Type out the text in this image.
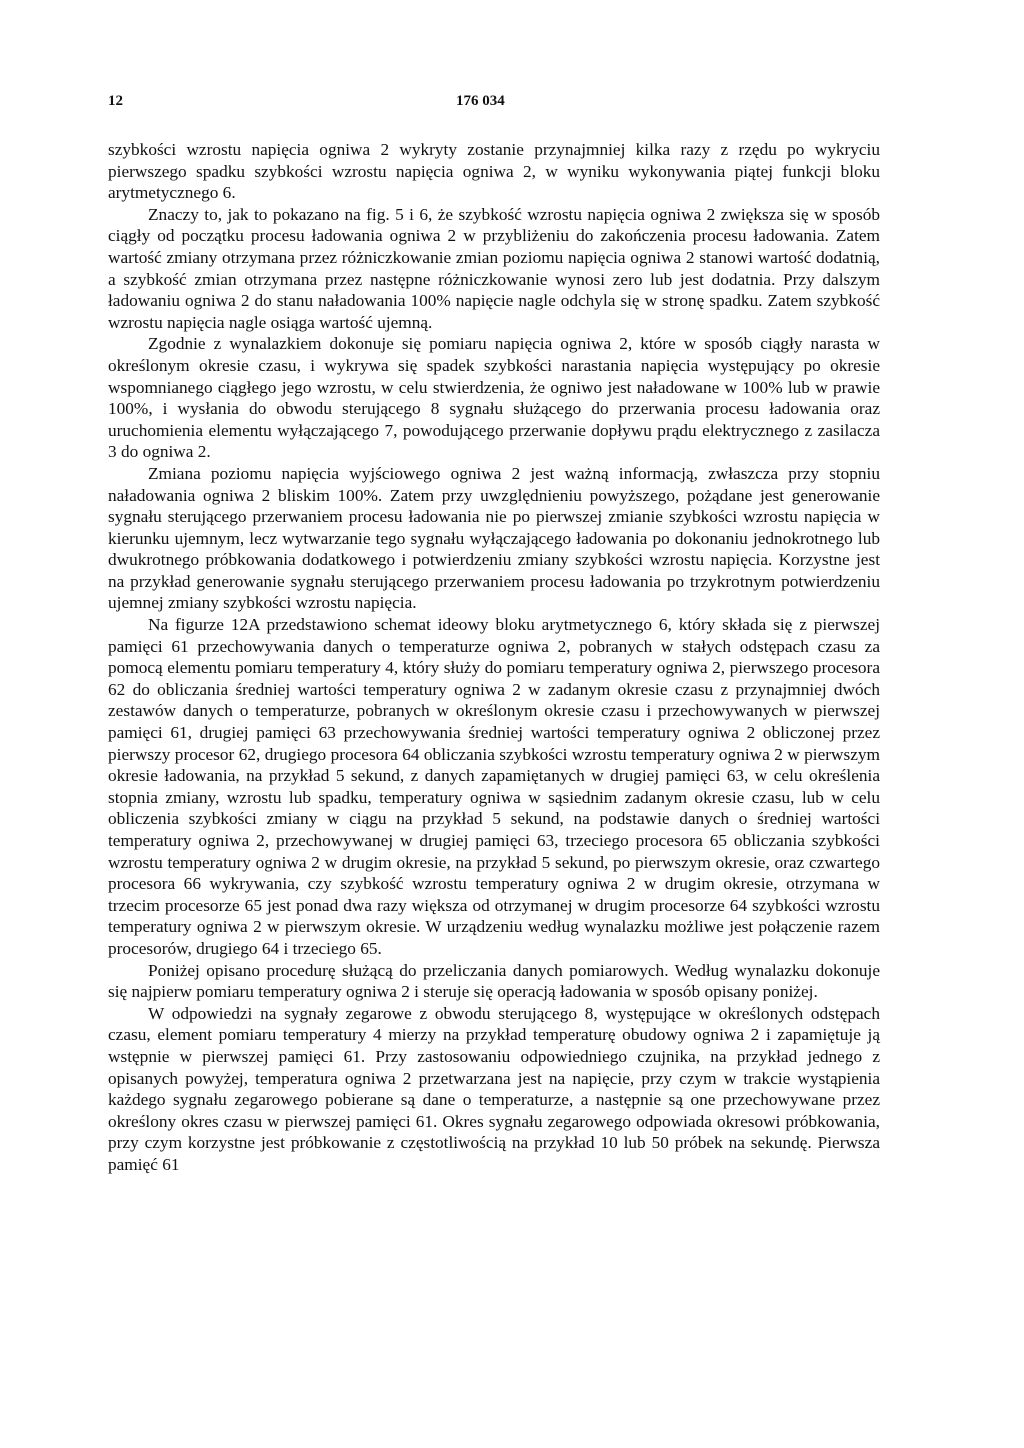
12	176 034

szybkości wzrostu napięcia ogniwa 2 wykryty zostanie przynajmniej kilka razy z rzędu po wykryciu pierwszego spadku szybkości wzrostu napięcia ogniwa 2, w wyniku wykonywania piątej funkcji bloku arytmetycznego 6.

Znaczy to, jak to pokazano na fig. 5 i 6, że szybkość wzrostu napięcia ogniwa 2 zwiększa się w sposób ciągły od początku procesu ładowania ogniwa 2 w przybliżeniu do zakończenia procesu ładowania. Zatem wartość zmiany otrzymana przez różniczkowanie zmian poziomu napięcia ogniwa 2 stanowi wartość dodatnią, a szybkość zmian otrzymana przez następne różniczkowanie wynosi zero lub jest dodatnia. Przy dalszym ładowaniu ogniwa 2 do stanu naładowania 100% napięcie nagle odchyla się w stronę spadku. Zatem szybkość wzrostu napięcia nagle osiąga wartość ujemną.

Zgodnie z wynalazkiem dokonuje się pomiaru napięcia ogniwa 2, które w sposób ciągły narasta w określonym okresie czasu, i wykrywa się spadek szybkości narastania napięcia występujący po okresie wspomnianego ciągłego jego wzrostu, w celu stwierdzenia, że ogniwo jest naładowane w 100% lub w prawie 100%, i wysłania do obwodu sterującego 8 sygnału służącego do przerwania procesu ładowania oraz uruchomienia elementu wyłączającego 7, powodującego przerwanie dopływu prądu elektrycznego z zasilacza 3 do ogniwa 2.

Zmiana poziomu napięcia wyjściowego ogniwa 2 jest ważną informacją, zwłaszcza przy stopniu naładowania ogniwa 2 bliskim 100%. Zatem przy uwzględnieniu powyższego, pożądane jest generowanie sygnału sterującego przerwaniem procesu ładowania nie po pierwszej zmianie szybkości wzrostu napięcia w kierunku ujemnym, lecz wytwarzanie tego sygnału wyłączającego ładowania po dokonaniu jednokrotnego lub dwukrotnego próbkowania dodatkowego i potwierdzeniu zmiany szybkości wzrostu napięcia. Korzystne jest na przykład generowanie sygnału sterującego przerwaniem procesu ładowania po trzykrotnym potwierdzeniu ujemnej zmiany szybkości wzrostu napięcia.

Na figurze 12A przedstawiono schemat ideowy bloku arytmetycznego 6, który składa się z pierwszej pamięci 61 przechowywania danych o temperaturze ogniwa 2, pobranych w stałych odstępach czasu za pomocą elementu pomiaru temperatury 4, który służy do pomiaru temperatury ogniwa 2, pierwszego procesora 62 do obliczania średniej wartości temperatury ogniwa 2 w zadanym okresie czasu z przynajmniej dwóch zestawów danych o temperaturze, pobranych w określonym okresie czasu i przechowywanych w pierwszej pamięci 61, drugiej pamięci 63 przechowywania średniej wartości temperatury ogniwa 2 obliczonej przez pierwszy procesor 62, drugiego procesora 64 obliczania szybkości wzrostu temperatury ogniwa 2 w pierwszym okresie ładowania, na przykład 5 sekund, z danych zapamiętanych w drugiej pamięci 63, w celu określenia stopnia zmiany, wzrostu lub spadku, temperatury ogniwa w sąsiednim zadanym okresie czasu, lub w celu obliczenia szybkości zmiany w ciągu na przykład 5 sekund, na podstawie danych o średniej wartości temperatury ogniwa 2, przechowywanej w drugiej pamięci 63, trzeciego procesora 65 obliczania szybkości wzrostu temperatury ogniwa 2 w drugim okresie, na przykład 5 sekund, po pierwszym okresie, oraz czwartego procesora 66 wykrywania, czy szybkość wzrostu temperatury ogniwa 2 w drugim okresie, otrzymana w trzecim procesorze 65 jest ponad dwa razy większa od otrzymanej w drugim procesorze 64 szybkości wzrostu temperatury ogniwa 2 w pierwszym okresie. W urządzeniu według wynalazku możliwe jest połączenie razem procesorów, drugiego 64 i trzeciego 65.

Poniżej opisano procedurę służącą do przeliczania danych pomiarowych. Według wynalazku dokonuje się najpierw pomiaru temperatury ogniwa 2 i steruje się operacją ładowania w sposób opisany poniżej.

W odpowiedzi na sygnały zegarowe z obwodu sterującego 8, występujące w określonych odstępach czasu, element pomiaru temperatury 4 mierzy na przykład temperaturę obudowy ogniwa 2 i zapamiętuje ją wstępnie w pierwszej pamięci 61. Przy zastosowaniu odpowiedniego czujnika, na przykład jednego z opisanych powyżej, temperatura ogniwa 2 przetwarzana jest na napięcie, przy czym w trakcie wystąpienia każdego sygnału zegarowego pobierane są dane o temperaturze, a następnie są one przechowywane przez określony okres czasu w pierwszej pamięci 61. Okres sygnału zegarowego odpowiada okresowi próbkowania, przy czym korzystne jest próbkowanie z częstotliwością na przykład 10 lub 50 próbek na sekundę. Pierwsza pamięć 61
